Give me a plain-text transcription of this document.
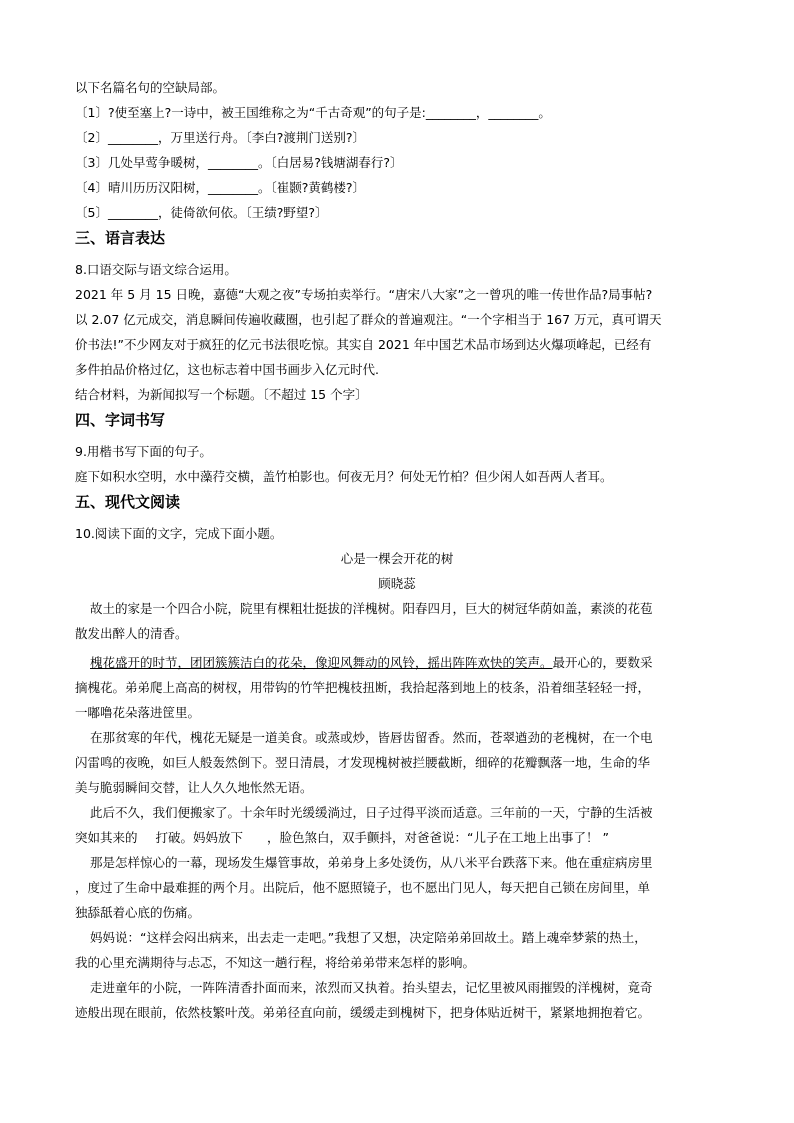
以下名篇名句的空缺局部。
〔1〕?使至塞上?一诗中，被王国维称之为“千古奇观”的句子是:________，________。
〔2〕________，万里送行舟。〔李白?渡荆门送别?〕
〔3〕几处早莺争暖树，________。〔白居易?钱塘湖春行?〕
〔4〕晴川历历汉阳树，________。〔崔颢?黄鹤楼?〕
〔5〕________，徒倚欲何依。〔王绩?野望?〕
三、语言表达
8.口语交际与语文综合运用。
2021 年 5 月 15 日晚，嘉德“大观之夜”专场拍卖举行。“唐宋八大家”之一曾巩的唯一传世作品?局事帖?
以 2.07 亿元成交，消息瞬间传遍收藏圈，也引起了群众的普遍观注。“一个字相当于 167 万元，真可谓天
价书法!”不少网友对于疯狂的亿元书法很吃惊。其实自 2021 年中国艺术品市场到达火爆项峰起，已经有
多件拍品价格过亿，这也标志着中国书画步入亿元时代.
结合材料，为新闻拟写一个标题。〔不超过 15 个字〕
四、字词书写
9.用楷书写下面的句子。
庭下如积水空明，水中藻荇交横，盖竹柏影也。何夜无月？何处无竹柏？但少闲人如吾两人者耳。
五、现代文阅读
10.阅读下面的文字，完成下面小题。
心是一棵会开花的树
顾晓蕊
故土的家是一个四合小院，院里有棵粗壮挺拔的洋槐树。阳春四月，巨大的树冠华荫如盖，素淡的花苞
散发出醉人的清香。
槐花盛开的时节，团团簇簇洁白的花朵，像迎风舞动的风铃，摇出阵阵欢快的笑声。最开心的，要数采
摘槐花。弟弟爬上高高的树杈，用带钩的竹竿把槐枝扭断，我拾起落到地上的枝条，沿着细茎轻轻一捋，
一嘟噜花朵落进筐里。
在那贫寒的年代，槐花无疑是一道美食。或蒸或炒，皆唇齿留香。然而，苍翠遒劲的老槐树，在一个电
闪雷鸣的夜晚，如巨人般轰然倒下。翌日清晨，才发现槐树被拦腰截断，细碎的花瓣飘落一地，生命的华
美与脆弱瞬间交替，让人久久地怅然无语。
此后不久，我们便搬家了。十余年时光缓缓淌过，日子过得平淡而适意。三年前的一天，宁静的生活被
突如其来的 打破。妈妈放下 ，脸色煞白，双手颤抖，对爸爸说：“儿子在工地上出事了！ ”
那是怎样惊心的一幕，现场发生爆管事故，弟弟身上多处烫伤，从八米平台跌落下来。他在重症病房里
，度过了生命中最难捱的两个月。出院后，他不愿照镜子，也不愿出门见人，每天把自己锁在房间里，单
独舔舐着心底的伤痛。
妈妈说：“这样会闷出病来，出去走一走吧。”我想了又想，决定陪弟弟回故土。踏上魂牵梦萦的热土，
我的心里充满期待与忐忑，不知这一趟行程，将给弟弟带来怎样的影响。
走进童年的小院，一阵阵清香扑面而来，浓烈而又执着。抬头望去，记忆里被风雨摧毁的洋槐树，竟奇
迹般出现在眼前，依然枝繁叶茂。弟弟径直向前，缓缓走到槐树下，把身体贴近树干，紧紧地拥抱着它。
